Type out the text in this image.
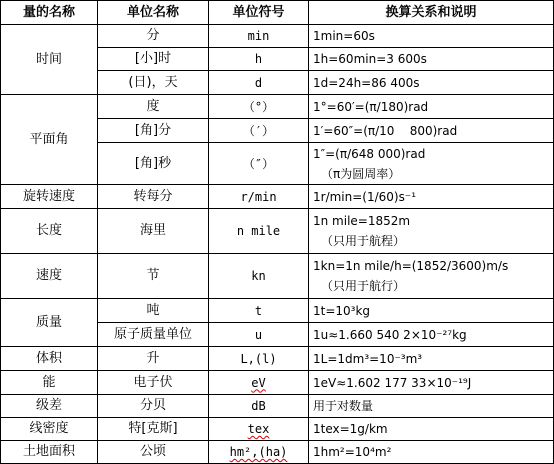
量的名称	单位名称	单位符号	换算关系和说明
时间	分	min	1min=60s

	[小]时	h	1h=60min=3 600s

	(日)，天	d	1d=24h=86 400s

平面角	度	（°）	1°=60′=(π/180)rad

	[角]分	（′）	1′=60″=(π/10    800)rad

	[角]秒	（″）	1″=(π/648 000)rad
（π为圆周率）

旋转速度	转每分	r/min	1r/min=(1/60)s⁻¹

长度	海里	n mile	1n mile=1852m
（只用于航程）

速度	节	kn	1kn=1n mile/h=(1852/3600)m/s
（只用于航行）

质量	吨	t	1t=10³kg

	原子质量单位	u	1u≈1.660 540 2×10⁻²⁷kg

体积	升	L,(l)	1L=1dm³=10⁻³m³

能	电子伏	eV	1eV≈1.602 177 33×10⁻¹⁹J

级差	分贝	dB	用于对数量

线密度	特[克斯]	tex	1tex=1g/km

土地面积	公顷	hm²,(ha)	1hm²=10⁴m²
